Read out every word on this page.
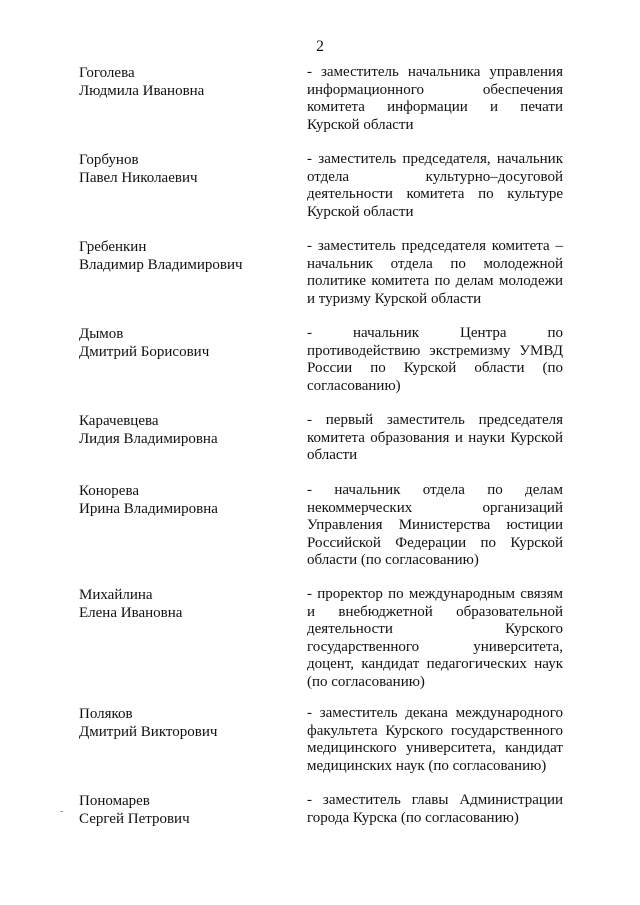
2
Гоголева
Людмила Ивановна
- заместитель начальника управления информационного обеспечения комитета информации и печати Курской области
Горбунов
Павел Николаевич
- заместитель председателя, начальник отдела культурно–досуговой деятельности комитета по культуре Курской области
Гребенкин
Владимир Владимирович
- заместитель председателя комитета – начальник отдела по молодежной политике комитета по делам молодежи и туризму Курской области
Дымов
Дмитрий Борисович
- начальник Центра по противодействию экстремизму УМВД России по Курской области (по согласованию)
Карачевцева
Лидия Владимировна
- первый заместитель председателя комитета образования и науки Курской области
Конорева
Ирина Владимировна
- начальник отдела по делам некоммерческих организаций Управления Министерства юстиции Российской Федерации по Курской области (по согласованию)
Михайлина
Елена Ивановна
- проректор по международным связям и внебюджетной образовательной деятельности Курского государственного университета, доцент, кандидат педагогических наук (по согласованию)
Поляков
Дмитрий Викторович
- заместитель декана международного факультета Курского государственного медицинского университета, кандидат медицинских наук (по согласованию)
Пономарев
Сергей Петрович
- заместитель главы Администрации города Курска (по согласованию)
-
